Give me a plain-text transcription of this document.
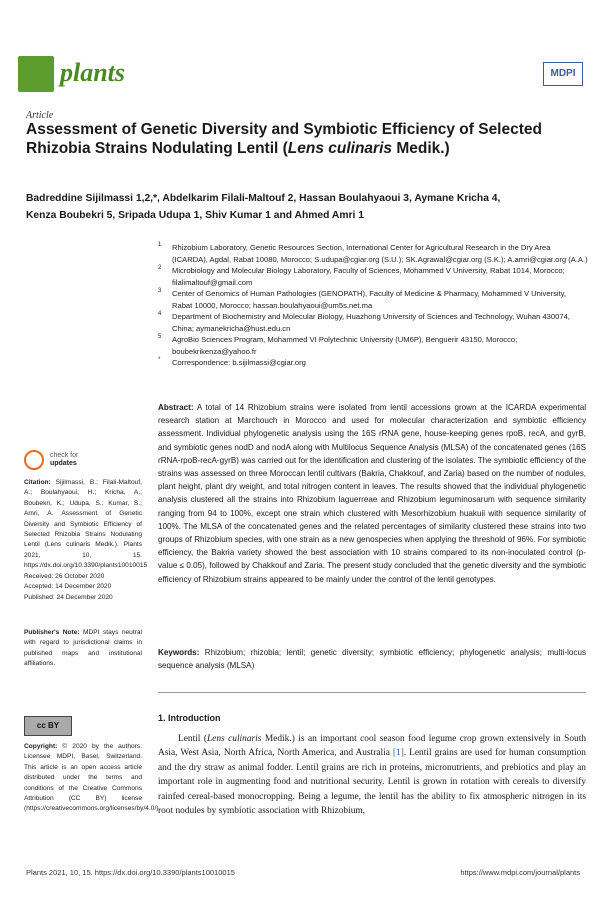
plants	MDPI
Article
Assessment of Genetic Diversity and Symbiotic Efficiency of Selected Rhizobia Strains Nodulating Lentil (Lens culinaris Medik.)
Badreddine Sijilmassi 1,2,*, Abdelkarim Filali-Maltouf 2, Hassan Boulahyaoui 3, Aymane Kricha 4,
Kenza Boubekri 5, Sripada Udupa 1, Shiv Kumar 1 and Ahmed Amri 1
1 Rhizobium Laboratory, Genetic Resources Section, International Center for Agricultural Research in the Dry Area (ICARDA), Agdal, Rabat 10080, Morocco; S.udupa@cgiar.org (S.U.); SK.Agrawal@cgiar.org (S.K.); A.amri@cgiar.org (A.A.)
2 Microbiology and Molecular Biology Laboratory, Faculty of Sciences, Mohammed V University, Rabat 1014, Morocco; filalimaltouf@gmail.com
3 Center of Genomics of Human Pathologies (GENOPATH), Faculty of Medicine & Pharmacy, Mohammed V University, Rabat 10000, Morocco; hassan.boulahyaoui@um5s.net.ma
4 Department of Biochemistry and Molecular Biology, Huazhong University of Sciences and Technology, Wuhan 430074, China; aymanekricha@hust.edu.cn
5 AgroBio Sciences Program, Mohammed VI Polytechnic University (UM6P), Benguerir 43150, Morocco; boubekrikenza@yahoo.fr
* Correspondence: b.sijilmassi@cgiar.org
Abstract: A total of 14 Rhizobium strains were isolated from lentil accessions grown at the ICARDA experimental research station at Marchouch in Morocco and used for molecular characterization and symbiotic efficiency assessment. Individual phylogenetic analysis using the 16S rRNA gene, house-keeping genes rpoB, recA, and gyrB, and symbiotic genes nodD and nodA along with Multilocus Sequence Analysis (MLSA) of the concatenated genes (16S rRNA-rpoB-recA-gyrB) was carried out for the identification and clustering of the isolates. The symbiotic efficiency of the strains was assessed on three Moroccan lentil cultivars (Bakria, Chakkouf, and Zaria) based on the number of nodules, plant height, plant dry weight, and total nitrogen content in leaves. The results showed that the individual phylogenetic analysis clustered all the strains into Rhizobium laguerreae and Rhizobium leguminosarum with sequence similarity ranging from 94 to 100%, except one strain which clustered with Mesorhizobium huakuii with sequence similarity of 100%. The MLSA of the concatenated genes and the related percentages of similarity clustered these strains into two groups of Rhizobium species, with one strain as a new genospecies when applying the threshold of 96%. For symbiotic efficiency, the Bakria variety showed the best association with 10 strains compared to its non-inoculated control (p-value ≤ 0.05), followed by Chakkouf and Zaria. The present study concluded that the genetic diversity and the symbiotic efficiency of Rhizobium strains appeared to be mainly under the control of the lentil genotypes.
Keywords: Rhizobium; rhizobia; lentil; genetic diversity; symbiotic efficiency; phylogenetic analysis; multi-locus sequence analysis (MLSA)
check for
updates
Citation: Sijilmassi, B.; Filali-Maltouf, A.; Boulahyaoui, H.; Kricha, A.; Boubekri, K.; Udupa, S.; Kumar, S.; Amri, A. Assessment of Genetic Diversity and Symbiotic Efficiency of Selected Rhizobia Strains Nodulating Lentil (Lens culinaris Medik.). Plants 2021, 10, 15. https://dx.doi.org/10.3390/plants10010015
Received: 26 October 2020
Accepted: 14 December 2020
Published: 24 December 2020
Publisher's Note: MDPI stays neutral with regard to jurisdictional claims in published maps and institutional affiliations.
cc BY
Copyright: © 2020 by the authors. Licensee MDPI, Basel, Switzerland. This article is an open access article distributed under the terms and conditions of the Creative Commons Attribution (CC BY) license (https://creativecommons.org/licenses/by/4.0/).
1. Introduction
Lentil (Lens culinaris Medik.) is an important cool season food legume crop grown extensively in South Asia, West Asia, North Africa, North America, and Australia [1]. Lentil grains are used for human consumption and the dry straw as animal fodder. Lentil grains are rich in proteins, micronutrients, and prebiotics and play an important role in augmenting food and nutritional security. Lentil is grown in rotation with cereals to diversify rainfed cereal-based monocropping. Being a legume, the lentil has the ability to fix atmospheric nitrogen in its root nodules by symbiotic association with Rhizobium,
Plants 2021, 10, 15. https://dx.doi.org/10.3390/plants10010015	https://www.mdpi.com/journal/plants
